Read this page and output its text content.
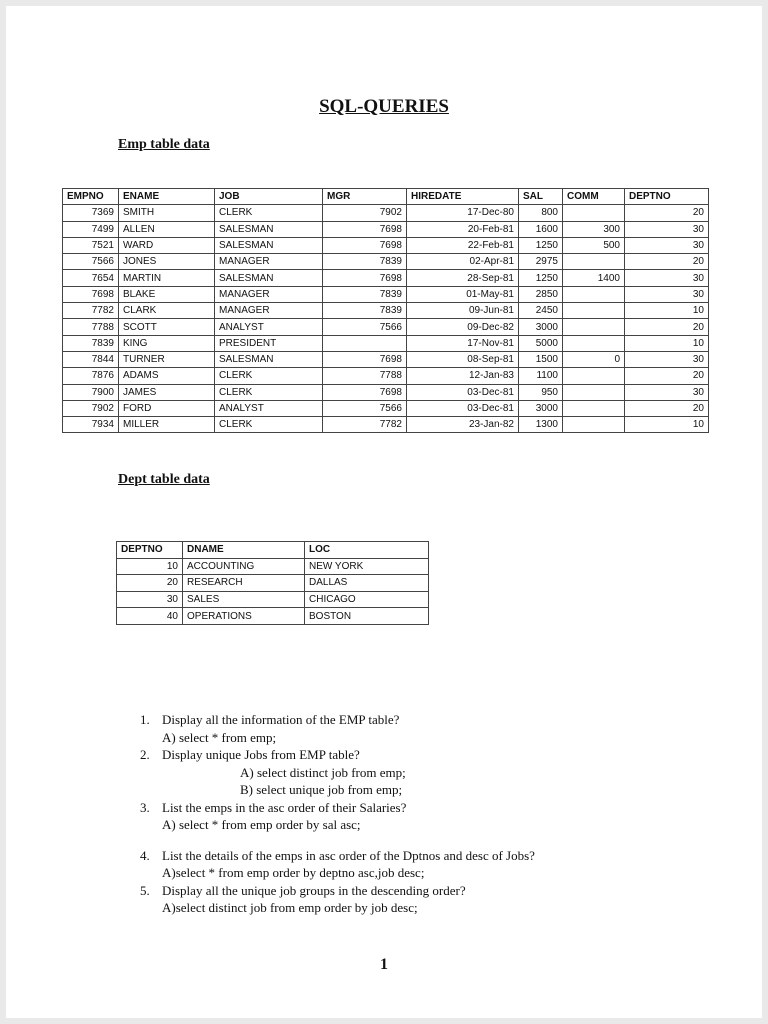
SQL-QUERIES

Emp table data

EMPNO	ENAME	JOB	MGR	HIREDATE	SAL	COMM	DEPTNO
7369	SMITH	CLERK	7902	17-Dec-80	800		20
7499	ALLEN	SALESMAN	7698	20-Feb-81	1600	300	30
7521	WARD	SALESMAN	7698	22-Feb-81	1250	500	30
7566	JONES	MANAGER	7839	02-Apr-81	2975		20
7654	MARTIN	SALESMAN	7698	28-Sep-81	1250	1400	30
7698	BLAKE	MANAGER	7839	01-May-81	2850		30
7782	CLARK	MANAGER	7839	09-Jun-81	2450		10
7788	SCOTT	ANALYST	7566	09-Dec-82	3000		20
7839	KING	PRESIDENT		17-Nov-81	5000		10
7844	TURNER	SALESMAN	7698	08-Sep-81	1500	0	30
7876	ADAMS	CLERK	7788	12-Jan-83	1100		20
7900	JAMES	CLERK	7698	03-Dec-81	950		30
7902	FORD	ANALYST	7566	03-Dec-81	3000		20
7934	MILLER	CLERK	7782	23-Jan-82	1300		10

Dept table data

DEPTNO	DNAME	LOC
10	ACCOUNTING	NEW YORK
20	RESEARCH	DALLAS
30	SALES	CHICAGO
40	OPERATIONS	BOSTON
1. Display all the information of the EMP table?
A) select * from emp;
2. Display unique Jobs from EMP table?
A) select distinct job from emp;
B) select unique job from emp;
3. List the emps in the asc order of their Salaries?
A) select * from emp order by sal asc;
4. List the details of the emps in asc order of the Dptnos and desc of Jobs?
A)select * from emp order by deptno asc,job desc;
5. Display all the unique job groups in the descending order?
A)select distinct job from emp order by job desc;
1
